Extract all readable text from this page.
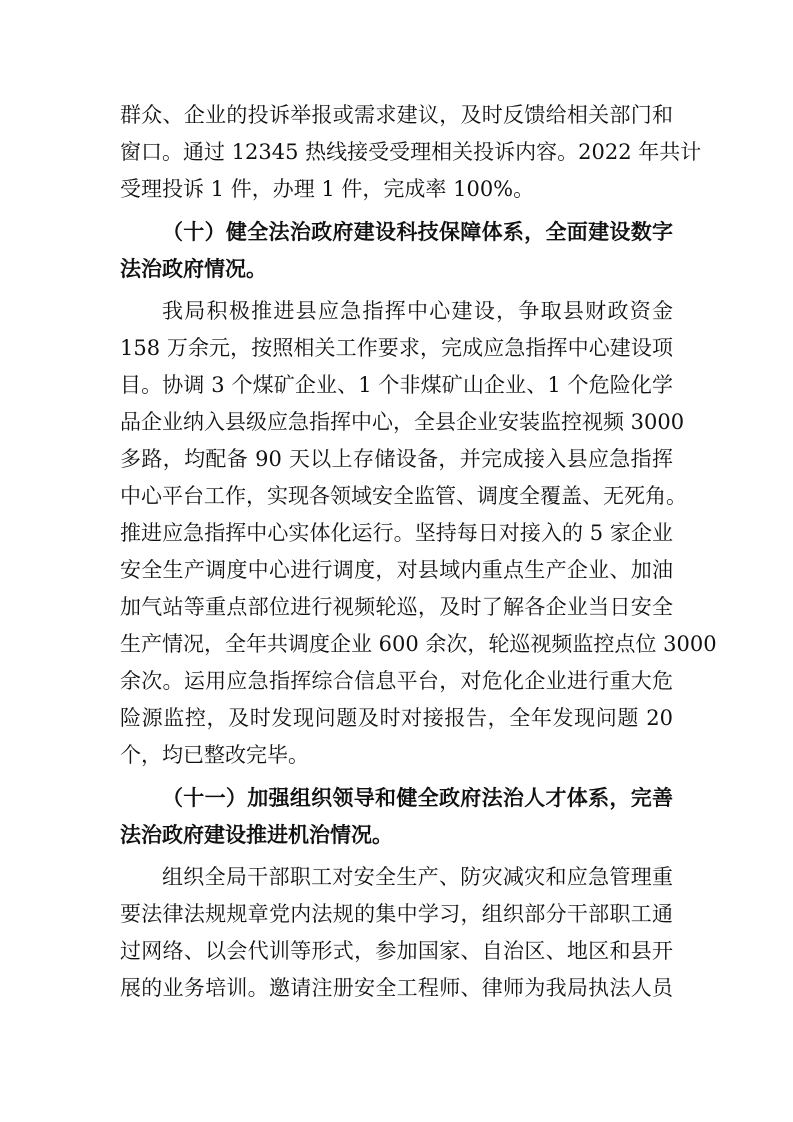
群众、企业的投诉举报或需求建议，及时反馈给相关部门和
窗口。通过 12345 热线接受受理相关投诉内容。2022 年共计
受理投诉 1 件，办理 1 件，完成率 100%。
（十）健全法治政府建设科技保障体系，全面建设数字
法治政府情况。
我局积极推进县应急指挥中心建设，争取县财政资金
158 万余元，按照相关工作要求，完成应急指挥中心建设项
目。协调 3 个煤矿企业、1 个非煤矿山企业、1 个危险化学
品企业纳入县级应急指挥中心，全县企业安装监控视频 3000
多路，均配备 90 天以上存储设备，并完成接入县应急指挥
中心平台工作，实现各领域安全监管、调度全覆盖、无死角。
推进应急指挥中心实体化运行。坚持每日对接入的 5 家企业
安全生产调度中心进行调度，对县域内重点生产企业、加油
加气站等重点部位进行视频轮巡，及时了解各企业当日安全
生产情况，全年共调度企业 600 余次，轮巡视频监控点位 3000
余次。运用应急指挥综合信息平台，对危化企业进行重大危
险源监控，及时发现问题及时对接报告，全年发现问题 20
个，均已整改完毕。
（十一）加强组织领导和健全政府法治人才体系，完善
法治政府建设推进机治情况。
组织全局干部职工对安全生产、防灾减灾和应急管理重
要法律法规规章党内法规的集中学习，组织部分干部职工通
过网络、以会代训等形式，参加国家、自治区、地区和县开
展的业务培训。邀请注册安全工程师、律师为我局执法人员
